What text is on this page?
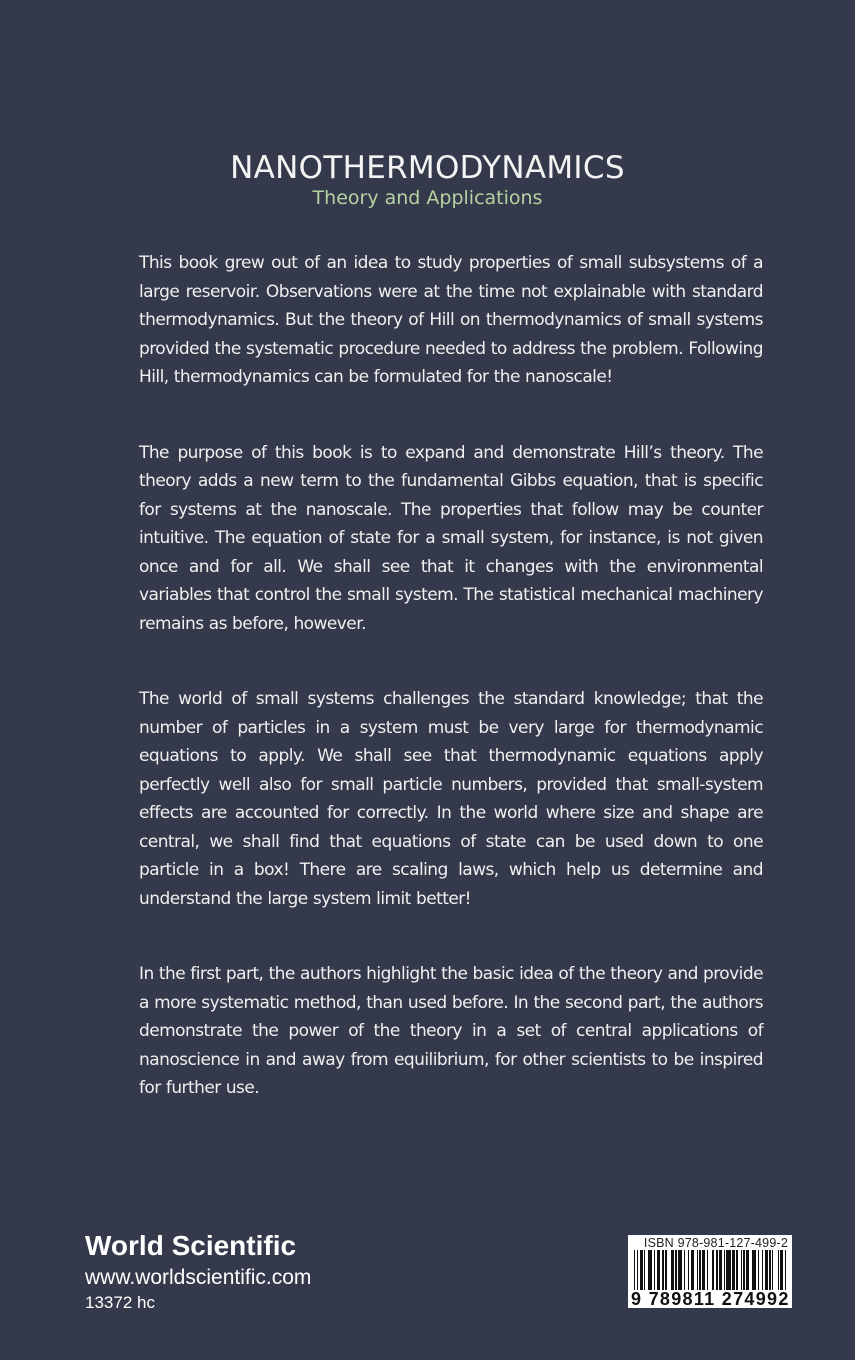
NANOTHERMODYNAMICS

Theory and Applications

This book grew out of an idea to study properties of small subsystems of a large reservoir. Observations were at the time not explainable with standard thermodynamics. But the theory of Hill on thermodynamics of small systems provided the systematic procedure needed to address the problem. Following Hill, thermodynamics can be formulated for the nanoscale!

The purpose of this book is to expand and demonstrate Hill’s theory. The theory adds a new term to the fundamental Gibbs equation, that is specific for systems at the nanoscale. The properties that follow may be counter intuitive. The equation of state for a small system, for instance, is not given once and for all. We shall see that it changes with the environmental variables that control the small system. The statistical mechanical machinery remains as before, however.

The world of small systems challenges the standard knowledge; that the number of particles in a system must be very large for thermodynamic equations to apply. We shall see that thermodynamic equations apply perfectly well also for small particle numbers, provided that small-system effects are accounted for correctly. In the world where size and shape are central, we shall find that equations of state can be used down to one particle in a box! There are scaling laws, which help us determine and understand the large system limit better!

In the first part, the authors highlight the basic idea of the theory and provide a more systematic method, than used before. In the second part, the authors demonstrate the power of the theory in a set of central applications of nanoscience in and away from equilibrium, for other scientists to be inspired for further use.

World Scientific

www.worldscientific.com

13372 hc

ISBN 978-981-127-499-2
9 789811 274992
